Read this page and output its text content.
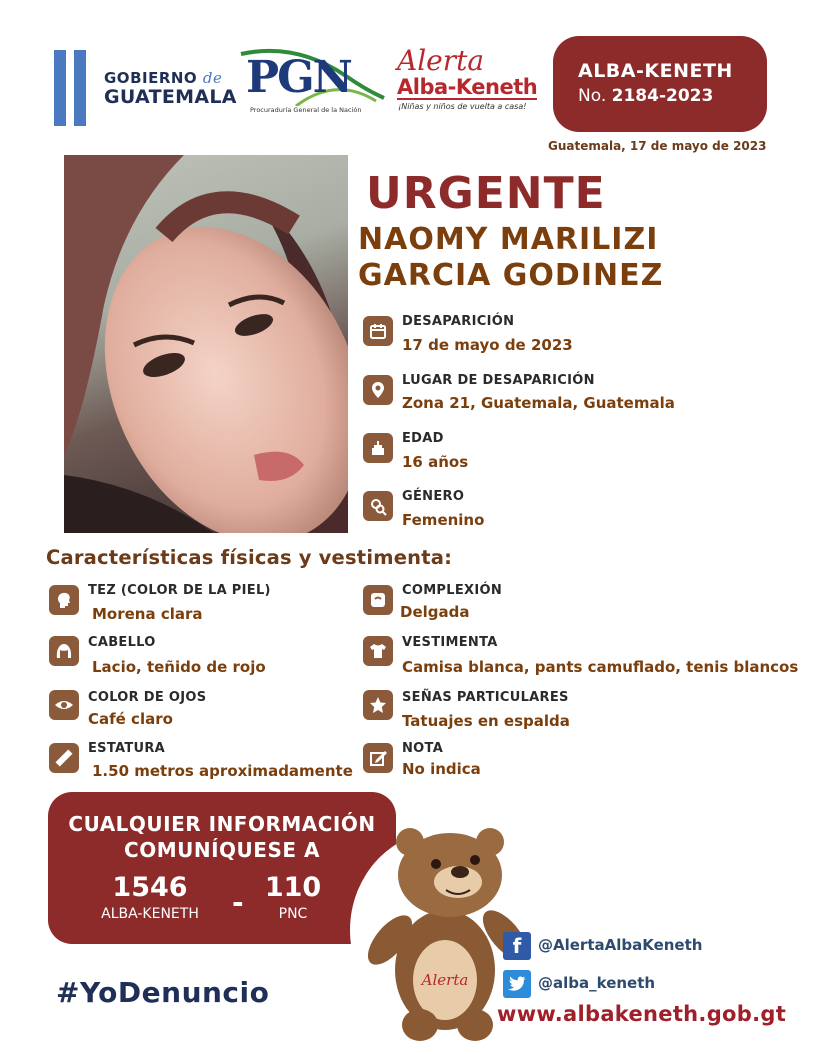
GOBIERNO de
GUATEMALA PGN
Procuraduría General de la Nación
Alerta
Alba-Keneth
¡Niñas y niños de vuelta a casa!
ALBA-KENETH
No. 2184-2023
Guatemala, 17 de mayo de 2023
URGENTE
NAOMY MARILIZI
GARCIA GODINEZ
DESAPARICIÓN
17 de mayo de 2023
LUGAR DE DESAPARICIÓN
Zona 21, Guatemala, Guatemala
EDAD
16 años
GÉNERO
Femenino
Características físicas y vestimenta:
TEZ (COLOR DE LA PIEL)
Morena clara
CABELLO
Lacio, teñido de rojo
COLOR DE OJOS
Café claro
ESTATURA
1.50 metros aproximadamente
COMPLEXIÓN
Delgada
VESTIMENTA
Camisa blanca, pants camuflado, tenis blancos
SEÑAS PARTICULARES
Tatuajes en espalda
NOTA
No indica
CUALQUIER INFORMACIÓN
COMUNÍQUESE A
1546
ALBA-KENETH	- 110
PNC
Alerta
#YoDenuncio
f	@AlertaAlbaKeneth
@alba_keneth
www.albakeneth.gob.gt
